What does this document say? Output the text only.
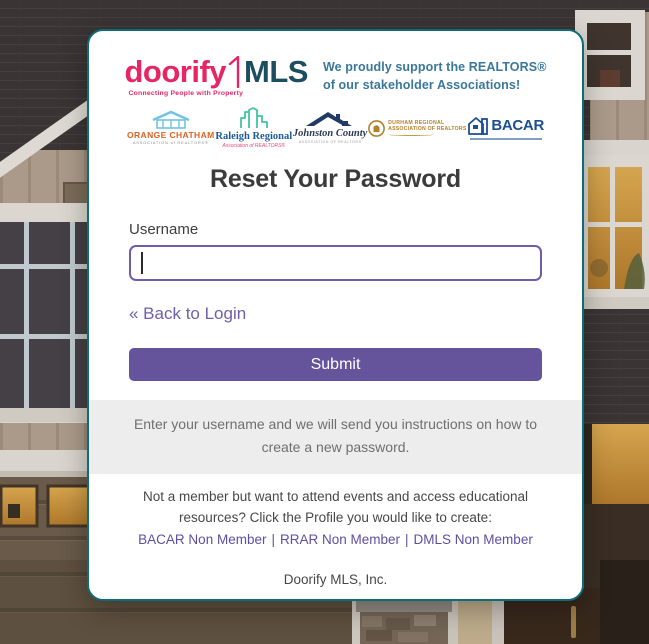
doorify MLS
Connecting People with Property
We proudly support the REALTORS®
of our stakeholder Associations!
ORANGE CHATHAM
ASSOCIATION of REALTORS®
Raleigh Regional
Association of REALTORS®
Johnston County
ASSOCIATION OF REALTORS
DURHAM REGIONAL
ASSOCIATION OF REALTORS BACAR
Reset Your Password
Username
« Back to Login
Submit

Enter your username and we will send you instructions on how to create a new password.

Not a member but want to attend events and access educational resources? Click the Profile you would like to create:

BACAR Non Member | RRAR Non Member | DMLS Non Member

Doorify MLS, Inc.
